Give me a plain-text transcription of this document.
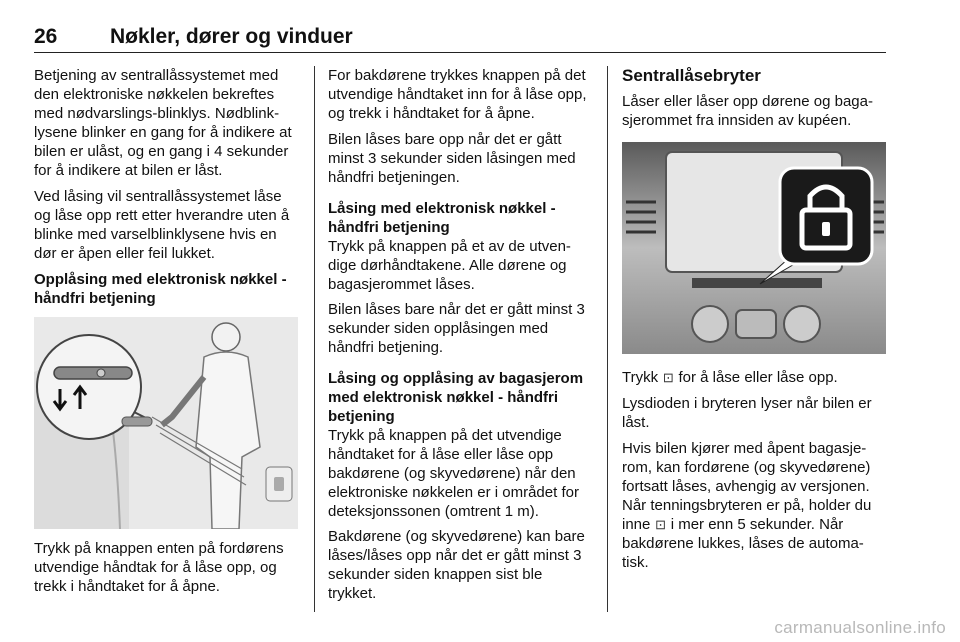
26	Nøkler, dører og vinduer

Betjening av sentrallåssystemet med den elektroniske nøkkelen bekreftes med nødvarslings-blinklys. Nødblink-lysene blinker en gang for å indikere at bilen er ulåst, og en gang i 4 sekunder for å indikere at bilen er låst.

Ved låsing vil sentrallåssystemet låse og låse opp rett etter hverandre uten å blinke med varselblinklysene hvis en dør er åpen eller feil lukket.

Opplåsing med elektronisk nøkkel - håndfri betjening

Trykk på knappen enten på fordørens utvendige håndtak for å låse opp, og trekk i håndtaket for å åpne.

For bakdørene trykkes knappen på det utvendige håndtaket inn for å låse opp, og trekk i håndtaket for å åpne.

Bilen låses bare opp når det er gått minst 3 sekunder siden låsingen med håndfri betjeningen.

Låsing med elektronisk nøkkel - håndfri betjening

Trykk på knappen på et av de utven-dige dørhåndtakene. Alle dørene og bagasjerommet låses.

Bilen låses bare når det er gått minst 3 sekunder siden opplåsingen med håndfri betjening.

Låsing og opplåsing av bagasjerom med elektronisk nøkkel - håndfri betjening

Trykk på knappen på det utvendige håndtaket for å låse eller låse opp bakdørene (og skyvedørene) når den elektroniske nøkkelen er i området for deteksjonssonen (omtrent 1 m).

Bakdørene (og skyvedørene) kan bare låses/låses opp når det er gått minst 3 sekunder siden knappen sist ble trykket.

Sentrallåsebryter

Låser eller låser opp dørene og baga-sjerommet fra innsiden av kupéen.

Trykk ⊡ for å låse eller låse opp.

Lysdioden i bryteren lyser når bilen er låst.

Hvis bilen kjører med åpent bagasje-rom, kan fordørene (og skyvedørene) fortsatt låses, avhengig av versjonen. Når tenningsbryteren er på, holder du inne ⊡ i mer enn 5 sekunder. Når bakdørene lukkes, låses de automa-tisk.

carmanualsonline.info
